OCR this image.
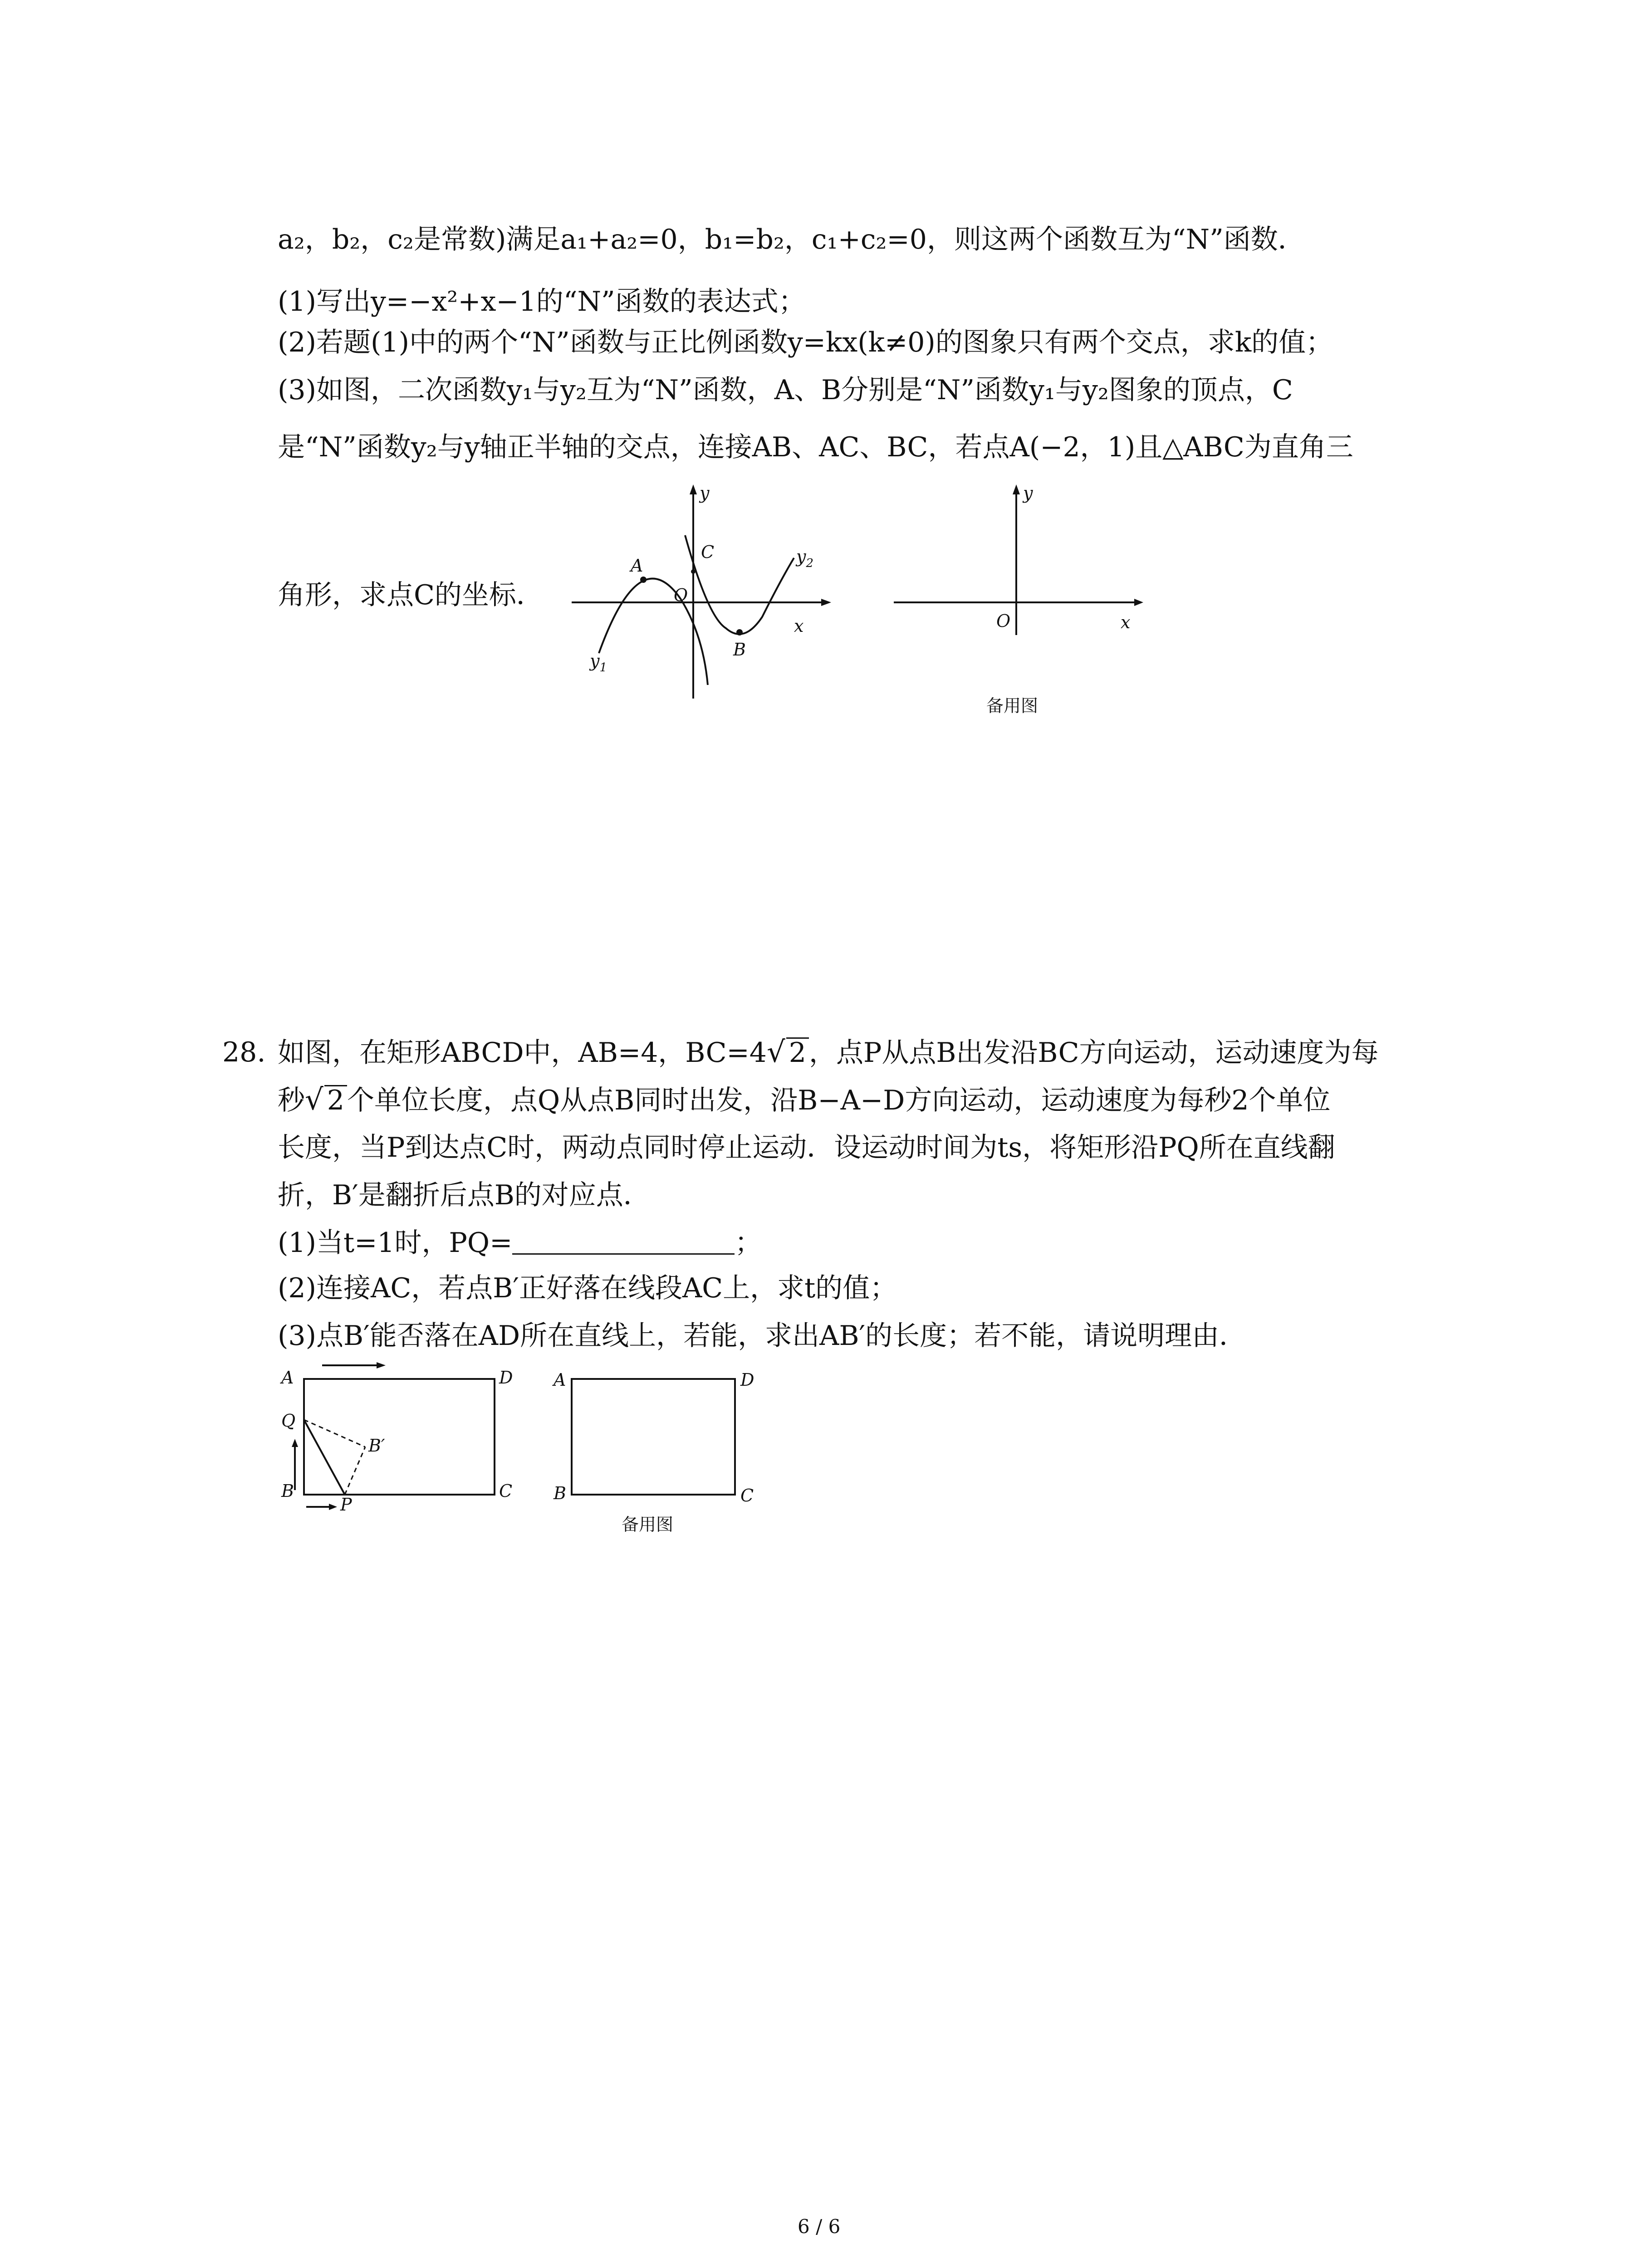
a₂，b₂，c₂是常数)满足a₁+a₂=0，b₁=b₂，c₁+c₂=0，则这两个函数互为“N”函数．
(1)写出y=−x²+x−1的“N”函数的表达式；
(2)若题(1)中的两个“N”函数与正比例函数y=kx(k≠0)的图象只有两个交点，求k的值；
(3)如图，二次函数y₁与y₂互为“N”函数，A、B分别是“N”函数y₁与y₂图象的顶点，C
是“N”函数y₂与y轴正半轴的交点，连接AB、AC、BC，若点A(−2，1)且△ABC为直角三
角形，求点C的坐标．
A
B
C
O
x
y
$y_1$
$y_2$
O	x
y
备用图
28. 如图，在矩形ABCD中，AB=4，BC=4√ 2 ，点P从点B出发沿BC方向运动，运动速度为每
秒√ 2 个单位长度，点Q从点B同时出发，沿B−A−D方向运动，运动速度为每秒2个单位
长度，当P到达点C时，两动点同时停止运动．设运动时间为ts，将矩形沿PQ所在直线翻
折，B′是翻折后点B的对应点．
(1)当t=1时，PQ=	；
(2)连接AC，若点B′正好落在线段AC上，求t的值；
(3)点B′能否落在AD所在直线上，若能，求出AB′的长度；若不能，请说明理由．
A
B	C
D
P
Q
B′
A
B	C
D
备用图
6 / 6
